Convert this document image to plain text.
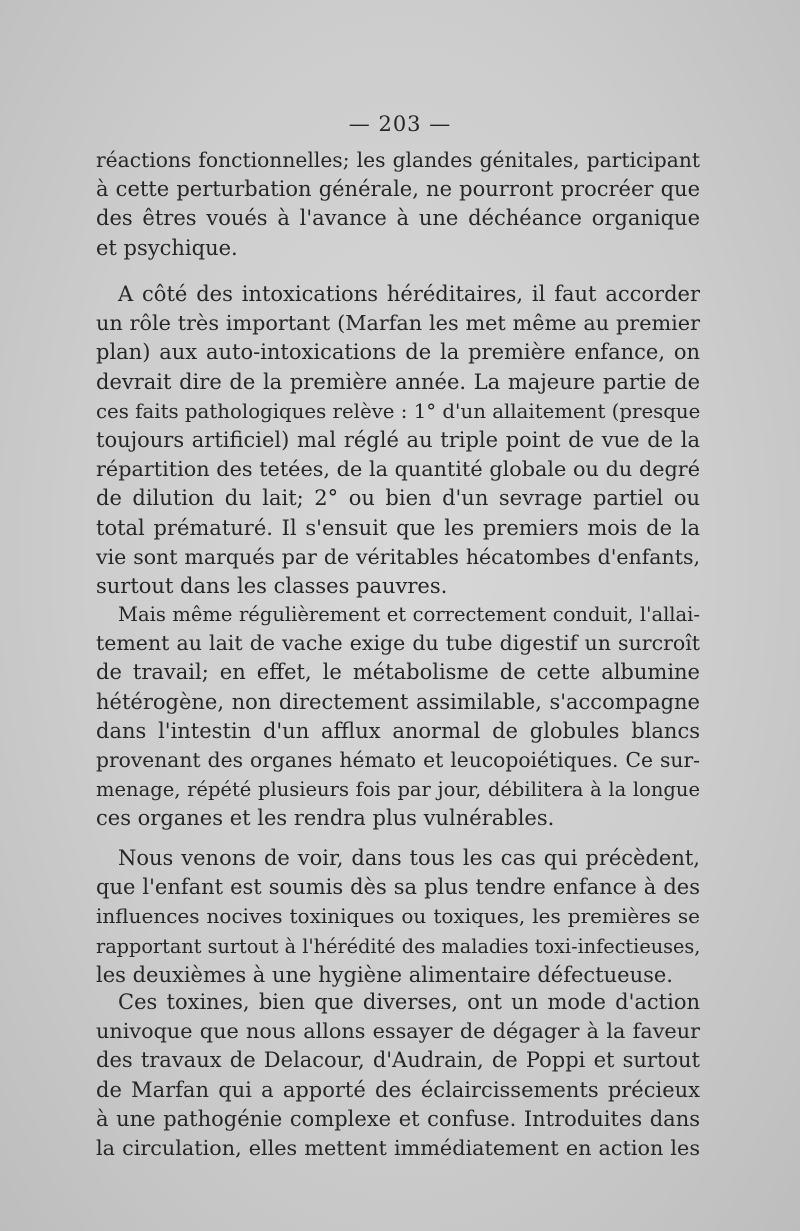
— 203 —
réactions fonctionnelles; les glandes génitales, participant
à cette perturbation générale, ne pourront procréer que
des êtres voués à l'avance à une déchéance organique
et psychique.
A côté des intoxications héréditaires, il faut accorder
un rôle très important (Marfan les met même au premier
plan) aux auto-intoxications de la première enfance, on
devrait dire de la première année. La majeure partie de
ces faits pathologiques relève : 1° d'un allaitement (presque
toujours artificiel) mal réglé au triple point de vue de la
répartition des tetées, de la quantité globale ou du degré
de dilution du lait; 2° ou bien d'un sevrage partiel ou
total prématuré. Il s'ensuit que les premiers mois de la
vie sont marqués par de véritables hécatombes d'enfants,
surtout dans les classes pauvres.
Mais même régulièrement et correctement conduit, l'allai-
tement au lait de vache exige du tube digestif un surcroît
de travail; en effet, le métabolisme de cette albumine
hétérogène, non directement assimilable, s'accompagne
dans l'intestin d'un afflux anormal de globules blancs
provenant des organes hémato et leucopoiétiques. Ce sur-
menage, répété plusieurs fois par jour, débilitera à la longue
ces organes et les rendra plus vulnérables.
Nous venons de voir, dans tous les cas qui précèdent,
que l'enfant est soumis dès sa plus tendre enfance à des
influences nocives toxiniques ou toxiques, les premières se
rapportant surtout à l'hérédité des maladies toxi-infectieuses,
les deuxièmes à une hygiène alimentaire défectueuse.
Ces toxines, bien que diverses, ont un mode d'action
univoque que nous allons essayer de dégager à la faveur
des travaux de Delacour, d'Audrain, de Poppi et surtout
de Marfan qui a apporté des éclaircissements précieux
à une pathogénie complexe et confuse. Introduites dans
la circulation, elles mettent immédiatement en action les
